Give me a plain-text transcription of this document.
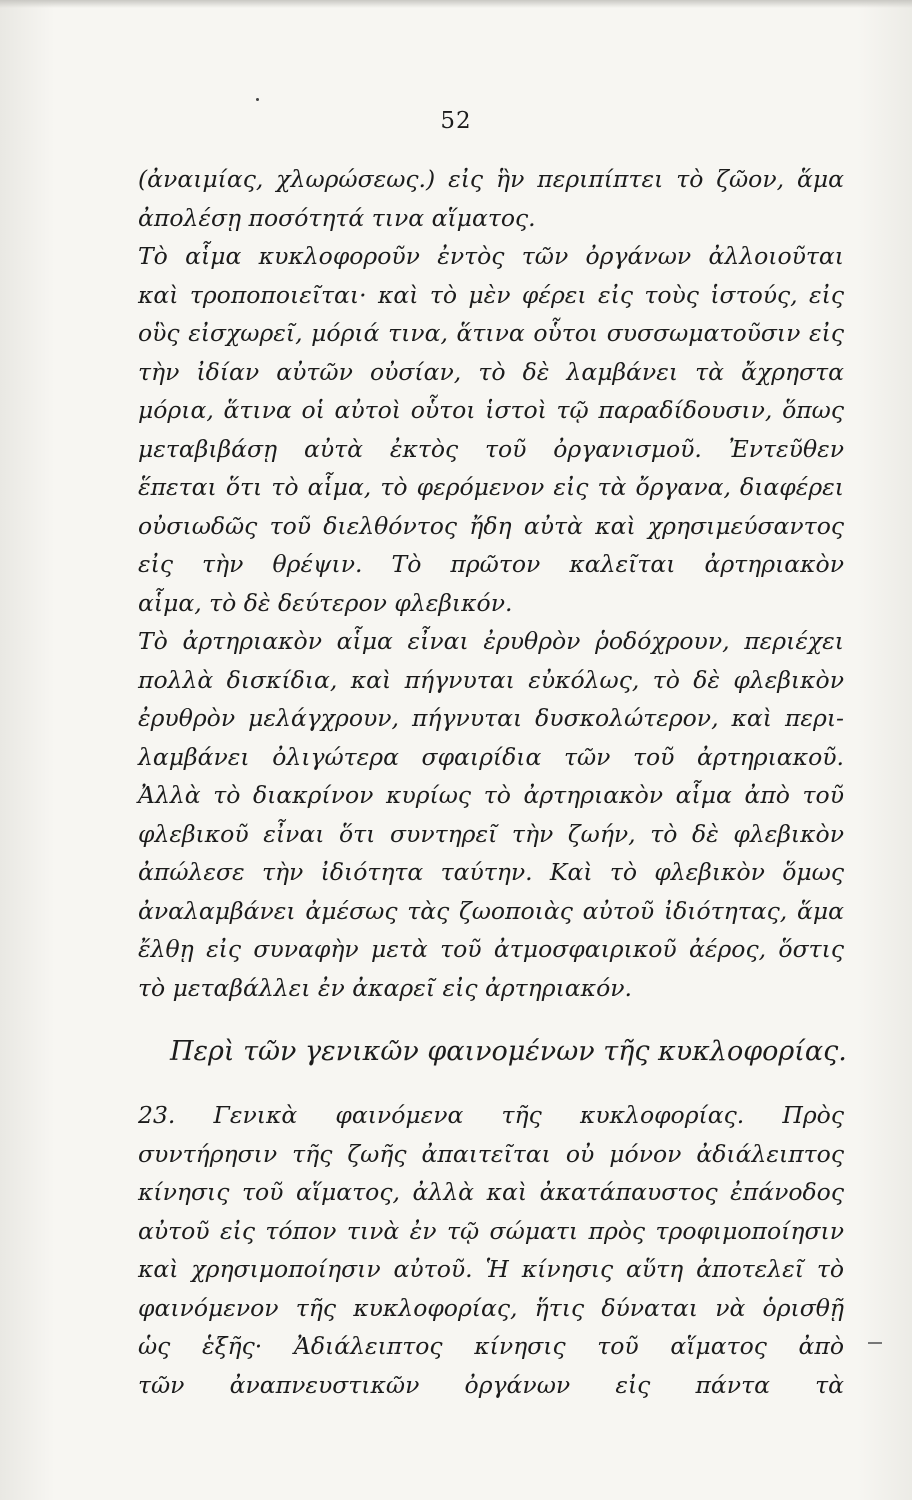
52
(ἀναιμίας, χλωρώσεως.) εἰς ἣν περιπίπτει τὸ ζῶον, ἅμα
ἀπολέσῃ ποσότητά τινα αἵματος.
Τὸ αἷμα κυκλοφοροῦν ἐντὸς τῶν ὀργάνων ἀλλοιοῦται
καὶ τροποποιεῖται· καὶ τὸ μὲν φέρει εἰς τοὺς ἱστούς, εἰς
οὓς εἰσχωρεῖ, μόριά τινα, ἅτινα οὗτοι συσσωματοῦσιν εἰς
τὴν ἰδίαν αὐτῶν οὐσίαν, τὸ δὲ λαμβάνει τὰ ἄχρηστα
μόρια, ἅτινα οἱ αὐτοὶ οὗτοι ἱστοὶ τῷ παραδίδουσιν, ὅπως
μεταβιβάσῃ αὐτὰ ἐκτὸς τοῦ ὀργανισμοῦ. Ἐντεῦθεν
ἕπεται ὅτι τὸ αἷμα, τὸ φερόμενον εἰς τὰ ὄργανα, διαφέρει
οὐσιωδῶς τοῦ διελθόντος ἤδη αὐτὰ καὶ χρησιμεύσαντος
εἰς τὴν θρέψιν. Τὸ πρῶτον καλεῖται ἀρτηριακὸν
αἷμα, τὸ δὲ δεύτερον φλεβικόν.
Τὸ ἀρτηριακὸν αἷμα εἶναι ἐρυθρὸν ῥοδόχρουν, περιέχει
πολλὰ δισκίδια, καὶ πήγνυται εὐκόλως, τὸ δὲ φλεβικὸν
ἐρυθρὸν μελάγχρουν, πήγνυται δυσκολώτερον, καὶ περι-
λαμβάνει ὀλιγώτερα σφαιρίδια τῶν τοῦ ἀρτηριακοῦ.
Ἀλλὰ τὸ διακρίνον κυρίως τὸ ἀρτηριακὸν αἷμα ἀπὸ τοῦ
φλεβικοῦ εἶναι ὅτι συντηρεῖ τὴν ζωήν, τὸ δὲ φλεβικὸν
ἀπώλεσε τὴν ἰδιότητα ταύτην. Καὶ τὸ φλεβικὸν ὅμως
ἀναλαμβάνει ἀμέσως τὰς ζωοποιὰς αὐτοῦ ἰδιότητας, ἅμα
ἔλθῃ εἰς συναφὴν μετὰ τοῦ ἀτμοσφαιρικοῦ ἀέρος, ὅστις
τὸ μεταβάλλει ἐν ἀκαρεῖ εἰς ἀρτηριακόν.
Περὶ τῶν γενικῶν φαινομένων τῆς κυκλοφορίας.
23. Γενικὰ φαινόμενα τῆς κυκλοφορίας. Πρὸς
συντήρησιν τῆς ζωῆς ἀπαιτεῖται οὐ μόνον ἀδιάλειπτος
κίνησις τοῦ αἵματος, ἀλλὰ καὶ ἀκατάπαυστος ἐπάνοδος
αὐτοῦ εἰς τόπον τινὰ ἐν τῷ σώματι πρὸς τροφιμοποίησιν
καὶ χρησιμοποίησιν αὐτοῦ. Ἡ κίνησις αὕτη ἀποτελεῖ τὸ
φαινόμενον τῆς κυκλοφορίας, ἥτις δύναται νὰ ὁρισθῇ
ὡς ἑξῆς· Ἀδιάλειπτος κίνησις τοῦ αἵματος ἀπὸ
τῶν ἀναπνευστικῶν ὀργάνων εἰς πάντα τὰ
